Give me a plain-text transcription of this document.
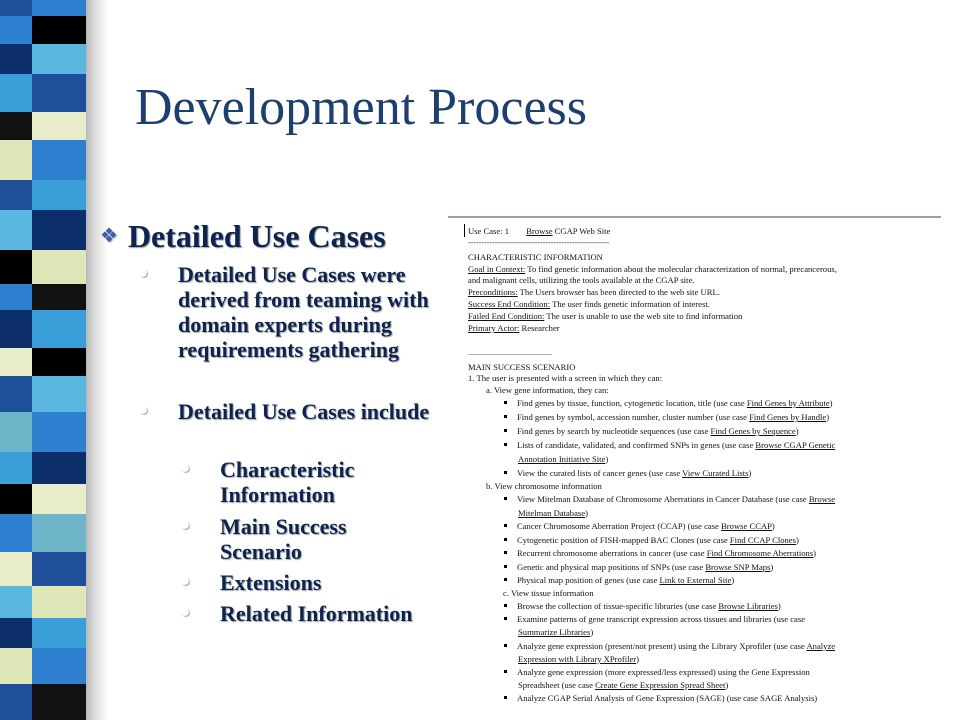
Development Process
❖ Detailed Use Cases
• Detailed Use Cases were derived from teaming with domain experts during requirements gathering
• Detailed Use Cases include
• Characteristic Information
• Main Success Scenario
• Extensions
• Related Information
Use Case: 1 Browse CGAP Web Site
-----------------------------------------------------
CHARACTERISTIC INFORMATION
Goal in Context: To find genetic information about the molecular characterization of normal, precancerous,
and malignant cells, utilizing the tools available at the CGAP site.
Preconditions: The Users browser has been directed to the web site URL.
Success End Condition: The user finds genetic information of interest.
Failed End Condition: The user is unable to use the web site to find information
Primary Actor: Researcher
..........................................
MAIN SUCCESS SCENARIO
1. The user is presented with a screen in which they can:
a. View gene information, they can:
Find genes by tissue, function, cytogenetic location, title (use case Find Genes by Attribute)
Find genes by symbol, accession number, cluster number (use case Find Genes by Handle)
Find genes by search by nucleotide sequences (use case Find Genes by Sequence)
Lists of candidate, validated, and confirmed SNPs in genes (use case Browse CGAP Genetic
Annotation Initiative Site)
View the curated lists of cancer genes (use case View Curated Lists)
b. View chromosome information
View Mitelman Database of Chromosome Aberrations in Cancer Database (use case Browse
Mitelman Database)
Cancer Chromosome Aberration Project (CCAP) (use case Browse CCAP)
Cytogenetic position of FISH-mapped BAC Clones (use case Find CCAP Clones)
Recurrent chromosome aberrations in cancer (use case Find Chromosome Aberrations)
Genetic and physical map positions of SNPs (use case Browse SNP Maps)
Physical map position of genes (use case Link to External Site)
c. View tissue information
Browse the collection of tissue-specific libraries (use case Browse Libraries)
Examine patterns of gene transcript expression across tissues and libraries (use case
Summarize Libraries)
Analyze gene expression (present/not present) using the Library Xprofiler (use case Analyze
Expression with Library XProfiler)
Analyze gene expression (more expressed/less expressed) using the Gene Expression
Spreadsheet (use case Create Gene Expression Spread Sheet)
Analyze CGAP Serial Analysis of Gene Expression (SAGE) (use case SAGE Analysis)
